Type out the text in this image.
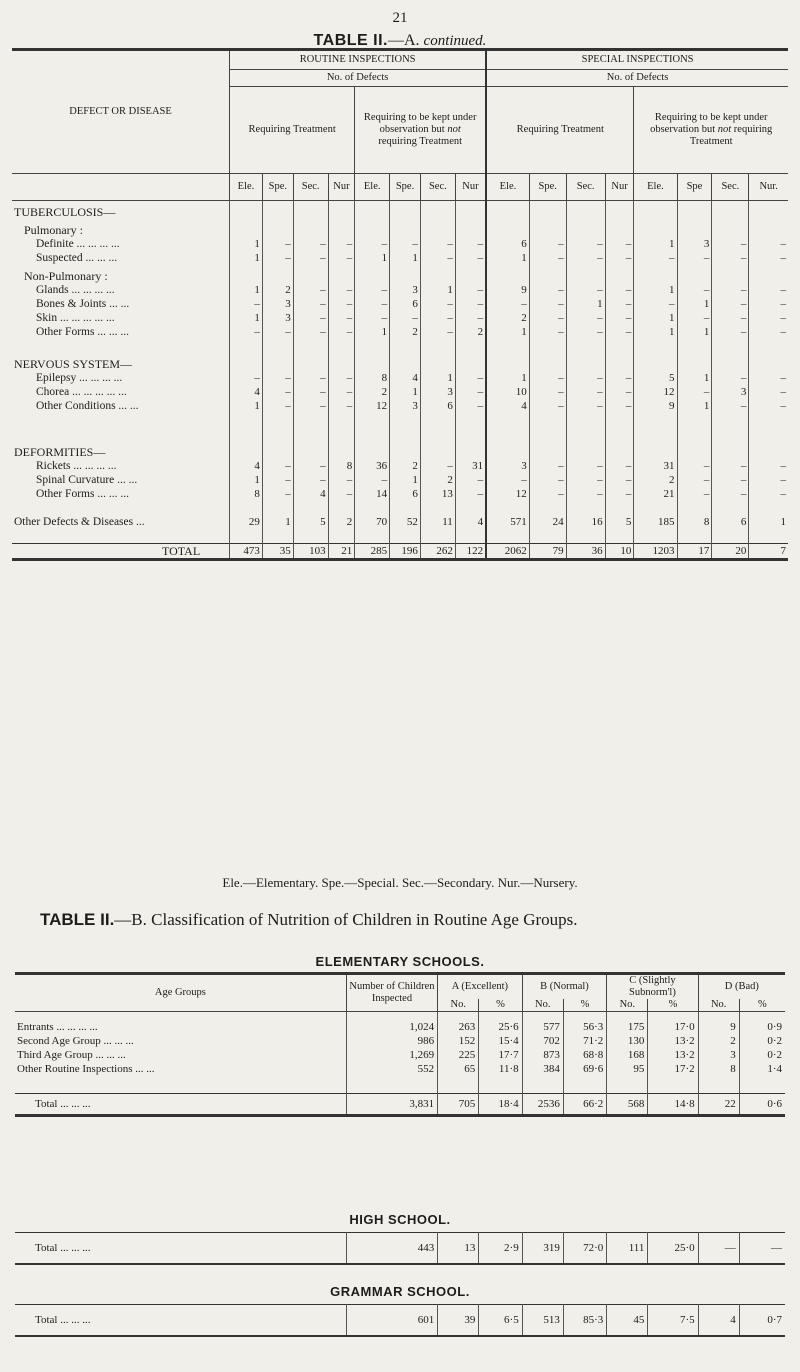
21
TABLE II.—A. continued.
DEFECT OR DISEASE	ROUTINE INSPECTIONS								SPECIAL INSPECTIONS							
	No. of Defects								No. of Defects							
	Requiring Treatment				Requiring to be kept under observation but not requiring Treatment				Requiring Treatment				Requiring to be kept under observation but not requiring Treatment			
	Ele.	Spe.	Sec.	Nur	Ele.	Spe.	Sec.	Nur	Ele.	Spe.	Sec.	Nur	Ele.	Spe	Sec.	Nur.
TUBERCULOSIS—																
Pulmonary :																
Definite ... ... ... ...	1	–	–	–	–	–	–	–	6	–	–	–	1	3	–	–
Suspected ... ... ...	1	–	–	–	1	1	–	–	1	–	–	–	–	–	–	–
Non-Pulmonary :																
Glands ... ... ... ...	1	2	–	–	–	3	1	–	9	–	–	–	1	–	–	–
Bones & Joints ... ...	–	3	–	–	–	6	–	–	–	–	1	–	–	1	–	–
Skin ... ... ... ... ...	1	3	–	–	–	–	–	–	2	–	–	–	1	–	–	–
Other Forms ... ... ...	–	–	–	–	1	2	–	2	1	–	–	–	1	1	–	–

NERVOUS SYSTEM—																
Epilepsy ... ... ... ...	–	–	–	–	8	4	1	–	1	–	–	–	5	1	–	–
Chorea ... ... ... ... ...	4	–	–	–	2	1	3	–	10	–	–	–	12	–	3	–
Other Conditions ... ...	1	–	–	–	12	3	6	–	4	–	–	–	9	1	–	–

DEFORMITIES—																
Rickets ... ... ... ...	4	–	–	8	36	2	–	31	3	–	–	–	31	–	–	–
Spinal Curvature ... ...	1	–	–	–	–	1	2	–	–	–	–	–	2	–	–	–
Other Forms ... ... ...	8	–	4	–	14	6	13	–	12	–	–	–	21	–	–	–

Other Defects & Diseases ...	29	1	5	2	70	52	11	4	571	24	16	5	185	8	6	1

TOTAL	473	35	103	21	285	196	262	122	2062	79	36	10	1203	17	20	7
Ele.—Elementary. Spe.—Special. Sec.—Secondary. Nur.—Nursery.
TABLE II.—B. Classification of Nutrition of Children in Routine Age Groups.
ELEMENTARY SCHOOLS.
Age Groups	Number of Children Inspected	A (Excellent)		B (Normal)		C (Slightly Subnorm'l)		D (Bad)	
		No.	%	No.	%	No.	%	No.	%

Entrants ... ... ... ...	1,024	263	25·6	577	56·3	175	17·0	9	0·9
Second Age Group ... ... ...	986	152	15·4	702	71·2	130	13·2	2	0·2
Third Age Group ... ... ...	1,269	225	17·7	873	68·8	168	13·2	3	0·2
Other Routine Inspections ... ...	552	65	11·8	384	69·6	95	17·2	8	1·4

Total ... ... ...	3,831	705	18·4	2536	66·2	568	14·8	22	0·6
HIGH SCHOOL.
Total ... ... ...	443	13	2·9	319	72·0	111	25·0	—	—
GRAMMAR SCHOOL.
Total ... ... ...	601	39	6·5	513	85·3	45	7·5	4	0·7
